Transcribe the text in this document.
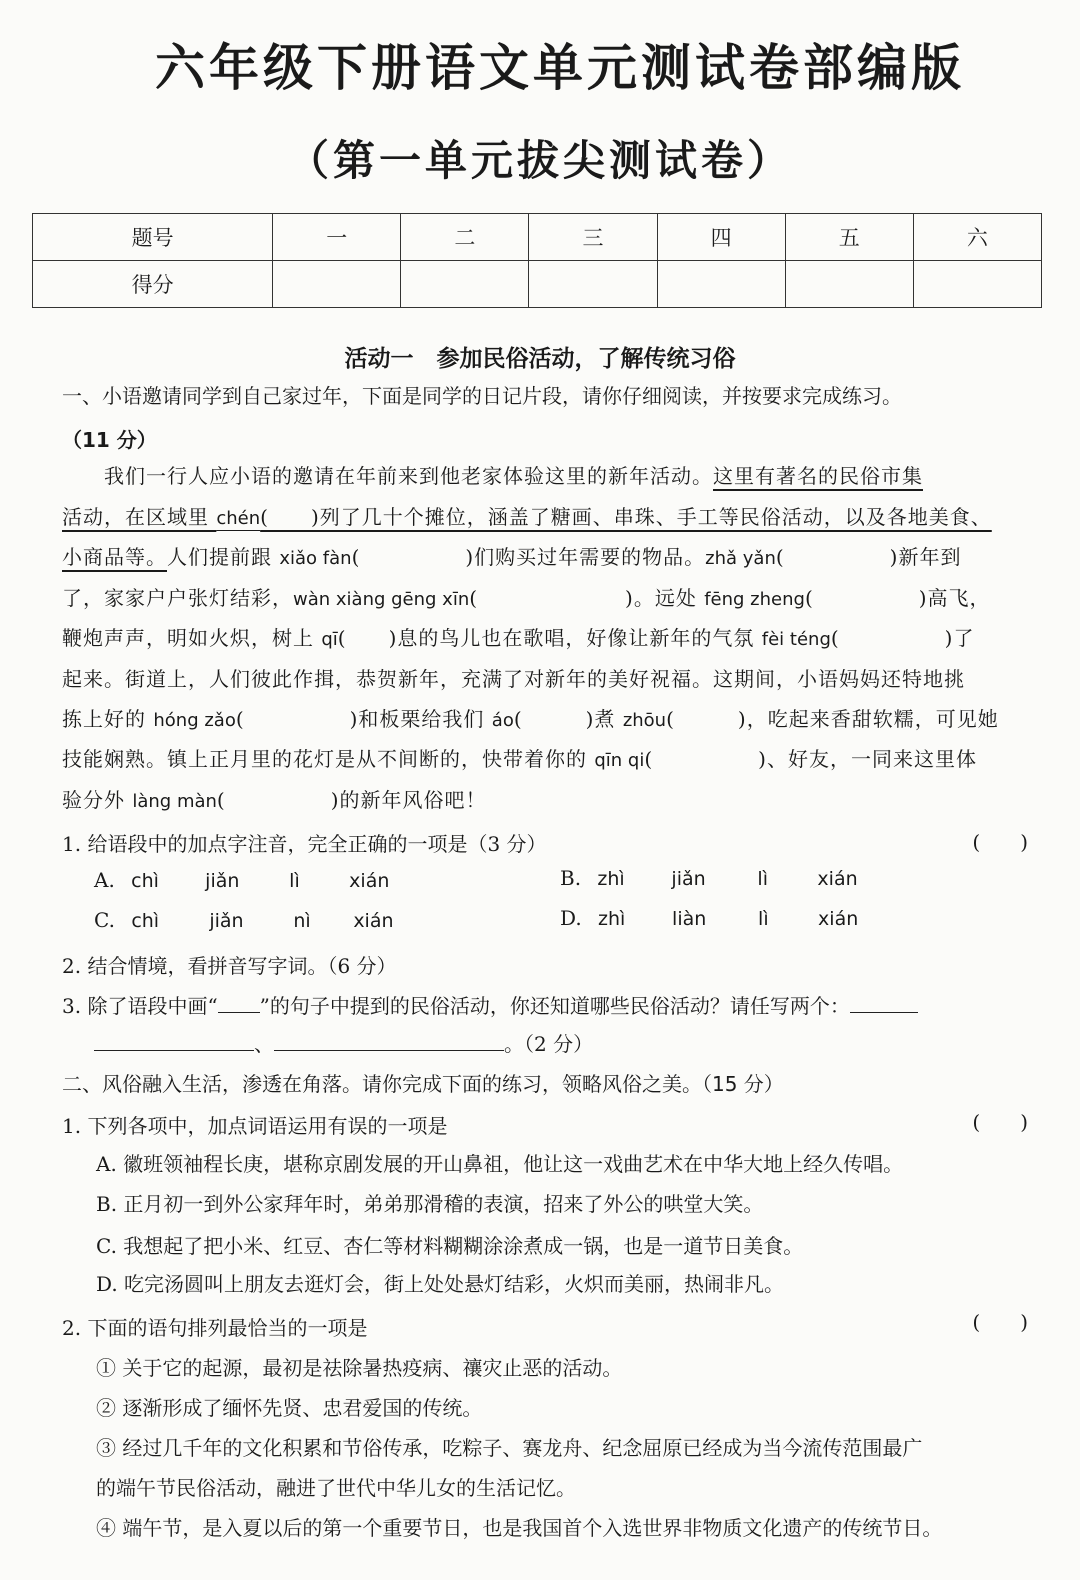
六年级下册语文单元测试卷部编版
（第一单元拔尖测试卷）
题号	一	二	三	四	五	六
得分						
活动一　参加民俗活动，了解传统习俗
一、小语邀请同学到自己家过年，下面是同学的日记片段，请你仔细阅读，并按要求完成练习。
（11 分）
　　我们一行人应小语的邀请在年前来到他老家体验这里的新年活动。这里有著名的民俗市集
活动，在区域里 chén(　　)列了几十个摊位，涵盖了糖画、串珠、手工等民俗活动，以及各地美食、
小商品等。人们提前跟 xiǎo fàn(　　　　　)们购买过年需要的物品。zhǎ yǎn(　　　　　)新年到
了，家家户户张灯结彩，wàn xiàng gēng xīn(　　　　　　　)。远处 fēng zheng(　　　　　)高飞，
鞭炮声声，明如火炽，树上 qī(　　)息的鸟儿也在歌唱，好像让新年的气氛 fèi téng(　　　　　)了
起来。街道上，人们彼此作揖，恭贺新年，充满了对新年的美好祝福。这期间，小语妈妈还特地挑
拣上好的 hóng zǎo(　　　　　)和板栗给我们 áo(　　　)煮 zhōu(　　　)，吃起来香甜软糯，可见她
技能娴熟。镇上正月里的花灯是从不间断的，快带着你的 qīn qi(　　　　　)、好友，一同来这里体
验分外 làng màn(　　　　　)的新年风俗吧！
1. 给语段中的加点字注音，完全正确的一项是（3 分）	(　　)
A. chì jiǎn	lì	xián	B. zhì jiǎn	lì	xián
C. chì	jiǎn	nì xián	D. zhì liàn	lì	xián
2. 结合情境，看拼音写字词。（6 分）
3. 除了语段中画“ ”的句子中提到的民俗活动，你还知道哪些民俗活动？请任写两个：
、	。（2 分）
二、风俗融入生活，渗透在角落。请你完成下面的练习，领略风俗之美。（15 分）
1. 下列各项中，加点词语运用有误的一项是	(　　)
A. 徽班领袖程长庚，堪称京剧发展的开山鼻祖，他让这一戏曲艺术在中华大地上经久传唱。
B. 正月初一到外公家拜年时，弟弟那滑稽的表演，招来了外公的哄堂大笑。
C. 我想起了把小米、红豆、杏仁等材料糊糊涂涂煮成一锅，也是一道节日美食。
D. 吃完汤圆叫上朋友去逛灯会，街上处处悬灯结彩，火炽而美丽，热闹非凡。
2. 下面的语句排列最恰当的一项是	(　　)
① 关于它的起源，最初是祛除暑热疫病、禳灾止恶的活动。
② 逐渐形成了缅怀先贤、忠君爱国的传统。
③ 经过几千年的文化积累和节俗传承，吃粽子、赛龙舟、纪念屈原已经成为当今流传范围最广
的端午节民俗活动，融进了世代中华儿女的生活记忆。
④ 端午节，是入夏以后的第一个重要节日，也是我国首个入选世界非物质文化遗产的传统节日。
